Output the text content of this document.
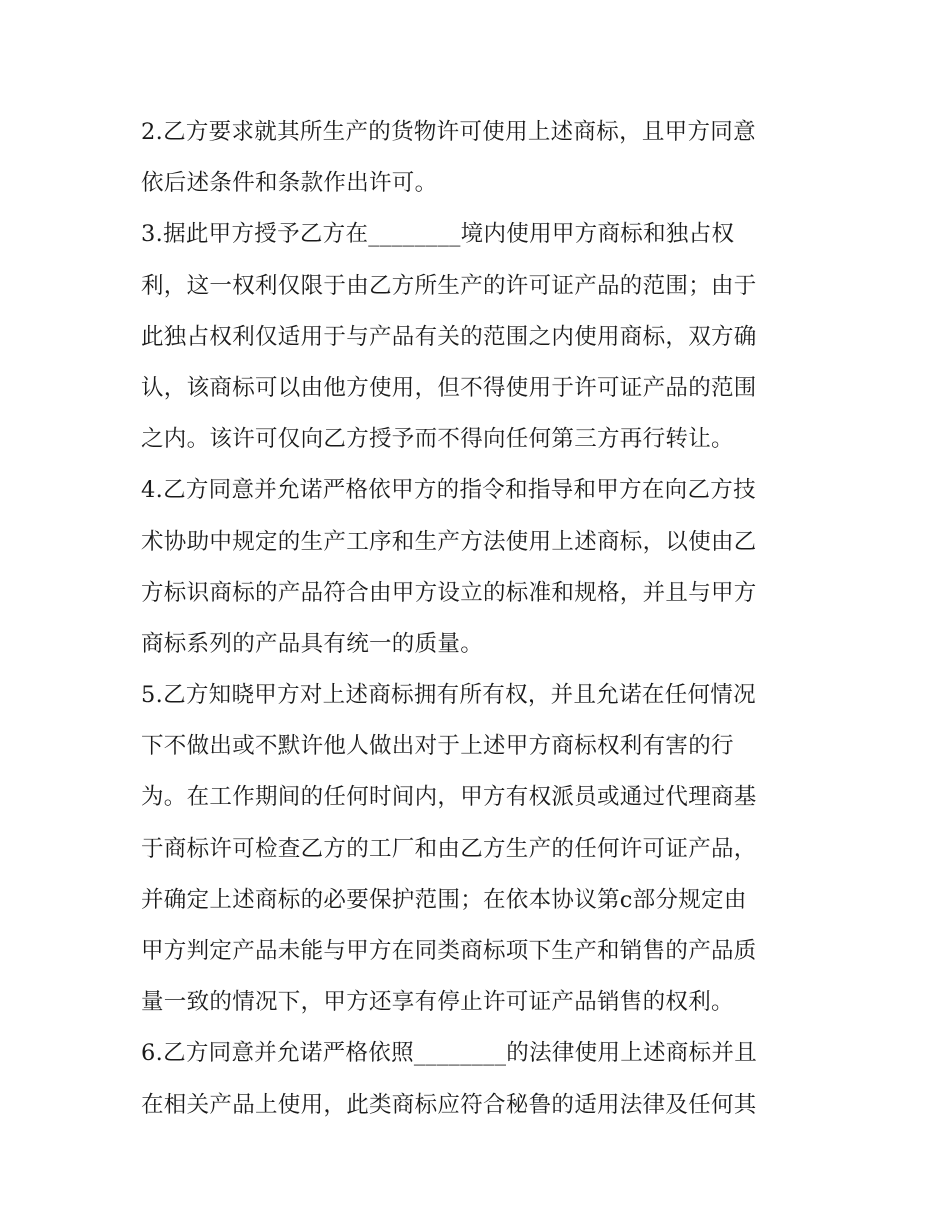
2.乙方要求就其所生产的货物许可使用上述商标，且甲方同意
依后述条件和条款作出许可。
3.据此甲方授予乙方在________境内使用甲方商标和独占权
利，这一权利仅限于由乙方所生产的许可证产品的范围；由于
此独占权利仅适用于与产品有关的范围之内使用商标，双方确
认，该商标可以由他方使用，但不得使用于许可证产品的范围
之内。该许可仅向乙方授予而不得向任何第三方再行转让。
4.乙方同意并允诺严格依甲方的指令和指导和甲方在向乙方技
术协助中规定的生产工序和生产方法使用上述商标，以使由乙
方标识商标的产品符合由甲方设立的标准和规格，并且与甲方
商标系列的产品具有统一的质量。
5.乙方知晓甲方对上述商标拥有所有权，并且允诺在任何情况
下不做出或不默许他人做出对于上述甲方商标权利有害的行
为。在工作期间的任何时间内，甲方有权派员或通过代理商基
于商标许可检查乙方的工厂和由乙方生产的任何许可证产品，
并确定上述商标的必要保护范围；在依本协议第c部分规定由
甲方判定产品未能与甲方在同类商标项下生产和销售的产品质
量一致的情况下，甲方还享有停止许可证产品销售的权利。
6.乙方同意并允诺严格依照________的法律使用上述商标并且
在相关产品上使用，此类商标应符合秘鲁的适用法律及任何其
